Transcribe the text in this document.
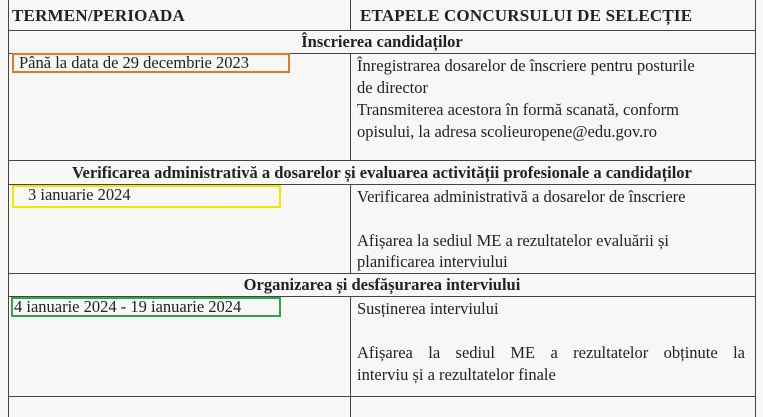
TERMEN/PERIOADA	ETAPELE CONCURSULUI DE SELECȚIE
Înscrierea candidaților
Până la data de 29 decembrie 2023	Înregistrarea dosarelor de înscriere pentru posturile
de director
Transmiterea acestora în formă scanată, conform
opisului, la adresa scolieuropene@edu.gov.ro
Verificarea administrativă a dosarelor și evaluarea activității profesionale a candidaților
3 ianuarie 2024	Verificarea administrativă a dosarelor de înscriere
Afișarea la sediul ME a rezultatelor evaluării și
planificarea interviului
Organizarea și desfășurarea interviului
4 ianuarie 2024 - 19 ianuarie 2024	Susținerea interviului
Afișarea la sediul ME a rezultatelor obținute la
interviu și a rezultatelor finale
